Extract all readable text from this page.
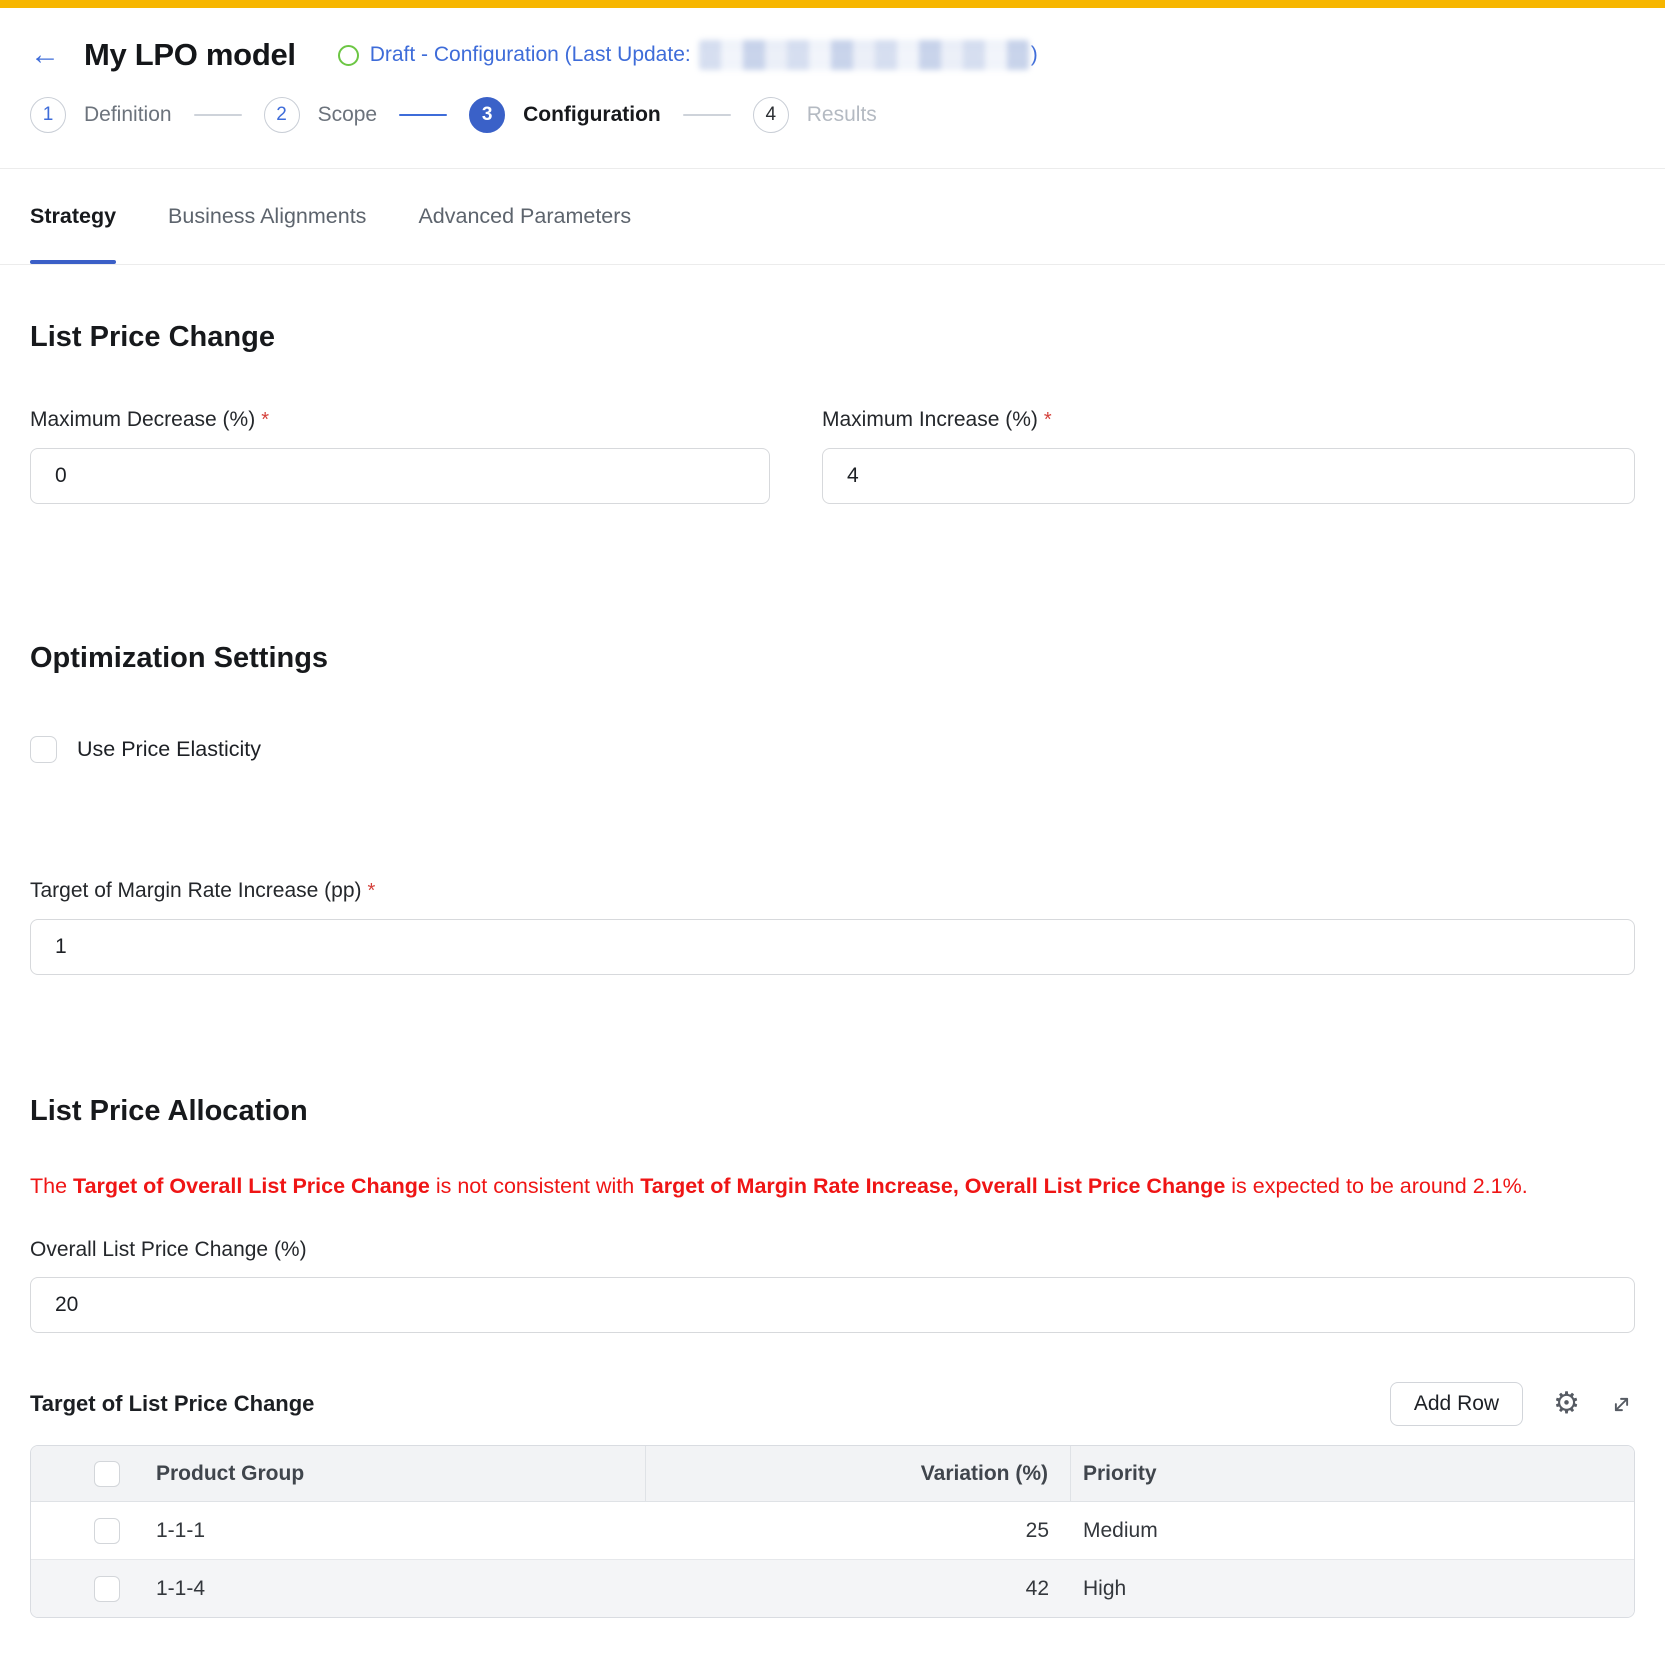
← My LPO model	Draft - Configuration (Last Update:	)
1 Definition	2 Scope	3 Configuration	4 Results
Strategy Business Alignments Advanced Parameters
List Price Change
Maximum Decrease (%) *
0	Maximum Increase (%) *
4
Optimization Settings
Use Price Elasticity
Target of Margin Rate Increase (pp) *
1
List Price Allocation

The Target of Overall List Price Change is not consistent with Target of Margin Rate Increase, Overall List Price Change is expected to be around 2.1%.

Overall List Price Change (%)
20
Target of List Price Change	Add Row	⚙
Product Group	Variation (%)	Priority
1-1-1	25	Medium
1-1-4	42	High
